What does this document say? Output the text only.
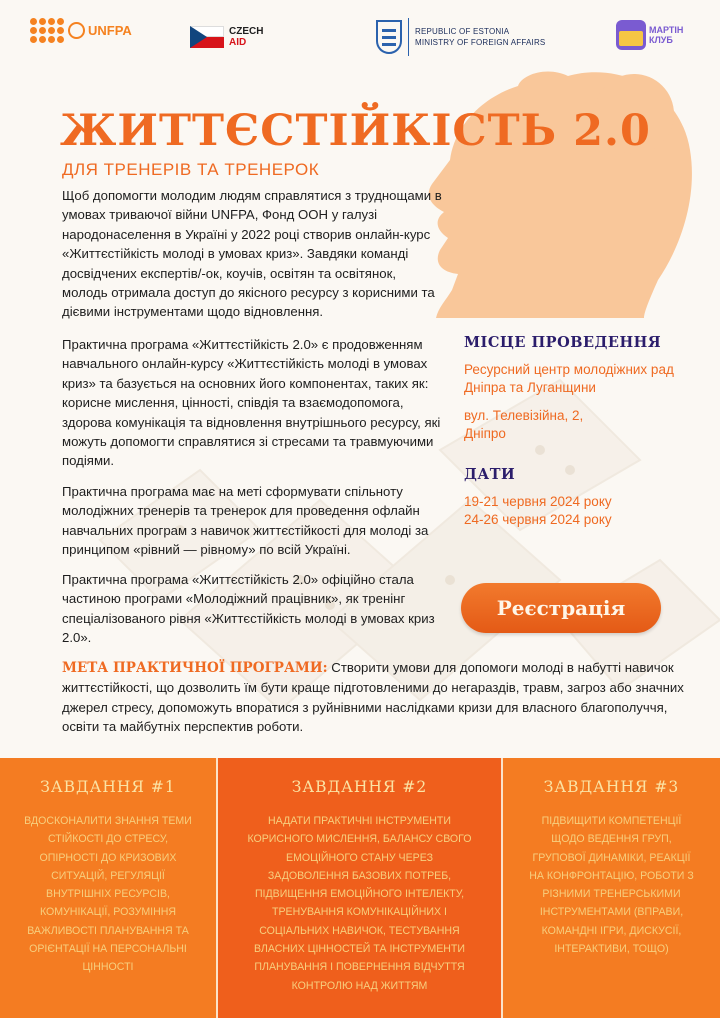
UNFPA	CZECH
AID
REPUBLIC OF ESTONIA
MINISTRY OF FOREIGN AFFAIRS
МАРТІН
КЛУБ
ЖИТТЄСТІЙКІСТЬ 2.0
ДЛЯ ТРЕНЕРІВ ТА ТРЕНЕРОК

Щоб допомогти молодим людям справлятися з труднощами в умовах триваючої війни UNFPA, Фонд ООН у галузі народонаселення в Україні у 2022 році створив онлайн-курс «Життєстійкість молоді в умовах криз». Завдяки команді досвідчених експертів/-ок, коучів, освітян та освітянок, молодь отримала доступ до якісного ресурсу з корисними та дієвими інструментами щодо відновлення.

Практична програма «Життєстійкість 2.0» є продовженням навчального онлайн-курсу «Життєстійкість молоді в умовах криз» та базується на основних його компонентах, таких як: корисне мислення, цінності, співдія та взаємодопомога, здорова комунікація та відновлення внутрішнього ресурсу, які можуть допомогти справлятися зі стресами та травмуючими подіями.

Практична програма має на меті сформувати спільноту молодіжних тренерів та тренерок для проведення офлайн навчальних програм з навичок життєстійкості для молоді за принципом «рівний — рівному» по всій Україні.

Практична програма «Життєстійкість 2.0» офіційно стала частиною програми «Молодіжний працівник», як тренінг спеціалізованого рівня «Життєстійкість молоді в умовах криз 2.0».

МІСЦЕ ПРОВЕДЕННЯ
Ресурсний центр молодіжних рад Дніпра та Луганщини
вул. Телевізійна, 2, Дніпро
ДАТИ
19-21 червня 2024 року
24-26 червня 2024 року
Реєстрація

МЕТА ПРАКТИЧНОЇ ПРОГРАМИ: Створити умови для допомоги молоді в набутті навичок життєстійкості, що дозволить їм бути краще підготовленими до негараздів, травм, загроз або значних джерел стресу, допоможуть впоратися з руйнівними наслідками кризи для власного благополуччя, освіти та майбутніх перспектив роботи.

ЗАВДАННЯ #1
ВДОСКОНАЛИТИ ЗНАННЯ ТЕМИ СТІЙКОСТІ ДО СТРЕСУ, ОПІРНОСТІ ДО КРИЗОВИХ СИТУАЦІЙ, РЕГУЛЯЦІЇ ВНУТРІШНІХ РЕСУРСІВ, КОМУНІКАЦІЇ, РОЗУМІННЯ ВАЖЛИВОСТІ ПЛАНУВАННЯ ТА ОРІЄНТАЦІЇ НА ПЕРСОНАЛЬНІ ЦІННОСТІ
ЗАВДАННЯ #2
НАДАТИ ПРАКТИЧНІ ІНСТРУМЕНТИ КОРИСНОГО МИСЛЕННЯ, БАЛАНСУ СВОГО ЕМОЦІЙНОГО СТАНУ ЧЕРЕЗ ЗАДОВОЛЕННЯ БАЗОВИХ ПОТРЕБ, ПІДВИЩЕННЯ ЕМОЦІЙНОГО ІНТЕЛЕКТУ, ТРЕНУВАННЯ КОМУНІКАЦІЙНИХ І СОЦІАЛЬНИХ НАВИЧОК, ТЕСТУВАННЯ ВЛАСНИХ ЦІННОСТЕЙ ТА ІНСТРУМЕНТИ ПЛАНУВАННЯ І ПОВЕРНЕННЯ ВІДЧУТТЯ КОНТРОЛЮ НАД ЖИТТЯМ
ЗАВДАННЯ #3
ПІДВИЩИТИ КОМПЕТЕНЦІЇ ЩОДО ВЕДЕННЯ ГРУП, ГРУПОВОЇ ДИНАМІКИ, РЕАКЦІЇ НА КОНФРОНТАЦІЮ, РОБОТИ З РІЗНИМИ ТРЕНЕРСЬКИМИ ІНСТРУМЕНТАМИ (ВПРАВИ, КОМАНДНІ ІГРИ, ДИСКУСІЇ, ІНТЕРАКТИВИ, ТОЩО)
